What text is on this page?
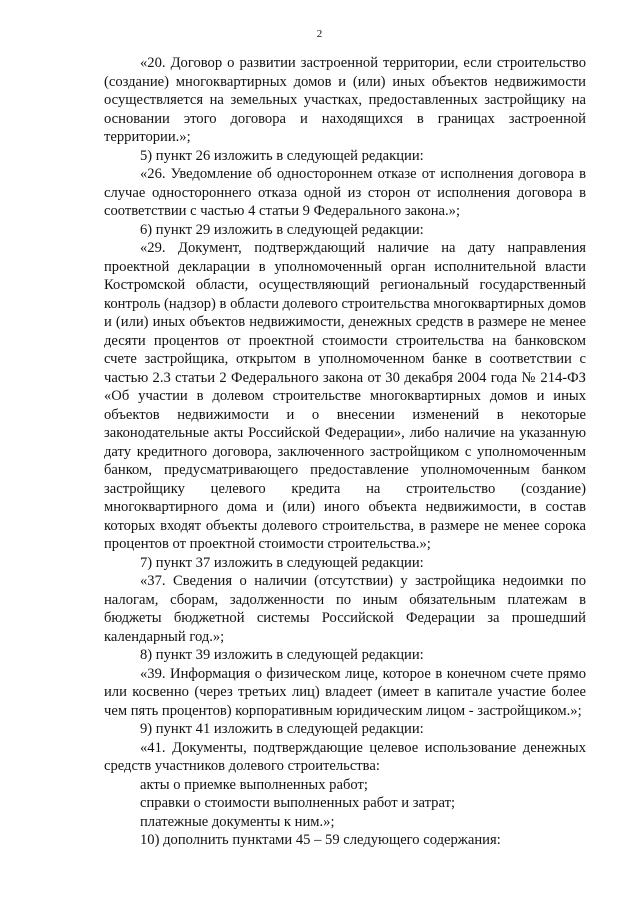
2

«20. Договор о развитии застроенной территории, если строительство (создание) многоквартирных домов и (или) иных объектов недвижимости осуществляется на земельных участках, предоставленных застройщику на основании этого договора и находящихся в границах застроенной территории.»;

5) пункт 26 изложить в следующей редакции:

«26. Уведомление об одностороннем отказе от исполнения договора в случае одностороннего отказа одной из сторон от исполнения договора в соответствии с частью 4 статьи 9 Федерального закона.»;

6) пункт 29 изложить в следующей редакции:

«29. Документ, подтверждающий наличие на дату направления проектной декларации в уполномоченный орган исполнительной власти Костромской области, осуществляющий региональный государственный контроль (надзор) в области долевого строительства многоквартирных домов и (или) иных объектов недвижимости, денежных средств в размере не менее десяти процентов от проектной стоимости строительства на банковском счете застройщика, открытом в уполномоченном банке в соответствии с частью 2.3 статьи 2 Федерального закона от 30 декабря 2004 года № 214-ФЗ «Об участии в долевом строительстве многоквартирных домов и иных объектов недвижимости и о внесении изменений в некоторые законодательные акты Российской Федерации», либо наличие на указанную дату кредитного договора, заключенного застройщиком с уполномоченным банком, предусматривающего предоставление уполномоченным банком застройщику целевого кредита на строительство (создание) многоквартирного дома и (или) иного объекта недвижимости, в состав которых входят объекты долевого строительства, в размере не менее сорока процентов от проектной стоимости строительства.»;

7) пункт 37 изложить в следующей редакции:

«37. Сведения о наличии (отсутствии) у застройщика недоимки по налогам, сборам, задолженности по иным обязательным платежам в бюджеты бюджетной системы Российской Федерации за прошедший календарный год.»;

8) пункт 39 изложить в следующей редакции:

«39. Информация о физическом лице, которое в конечном счете прямо или косвенно (через третьих лиц) владеет (имеет в капитале участие более чем пять процентов) корпоративным юридическим лицом - застройщиком.»;

9) пункт 41 изложить в следующей редакции:

«41. Документы, подтверждающие целевое использование денежных средств участников долевого строительства:

акты о приемке выполненных работ;

справки о стоимости выполненных работ и затрат;

платежные документы к ним.»;

10) дополнить пунктами 45 – 59 следующего содержания:
